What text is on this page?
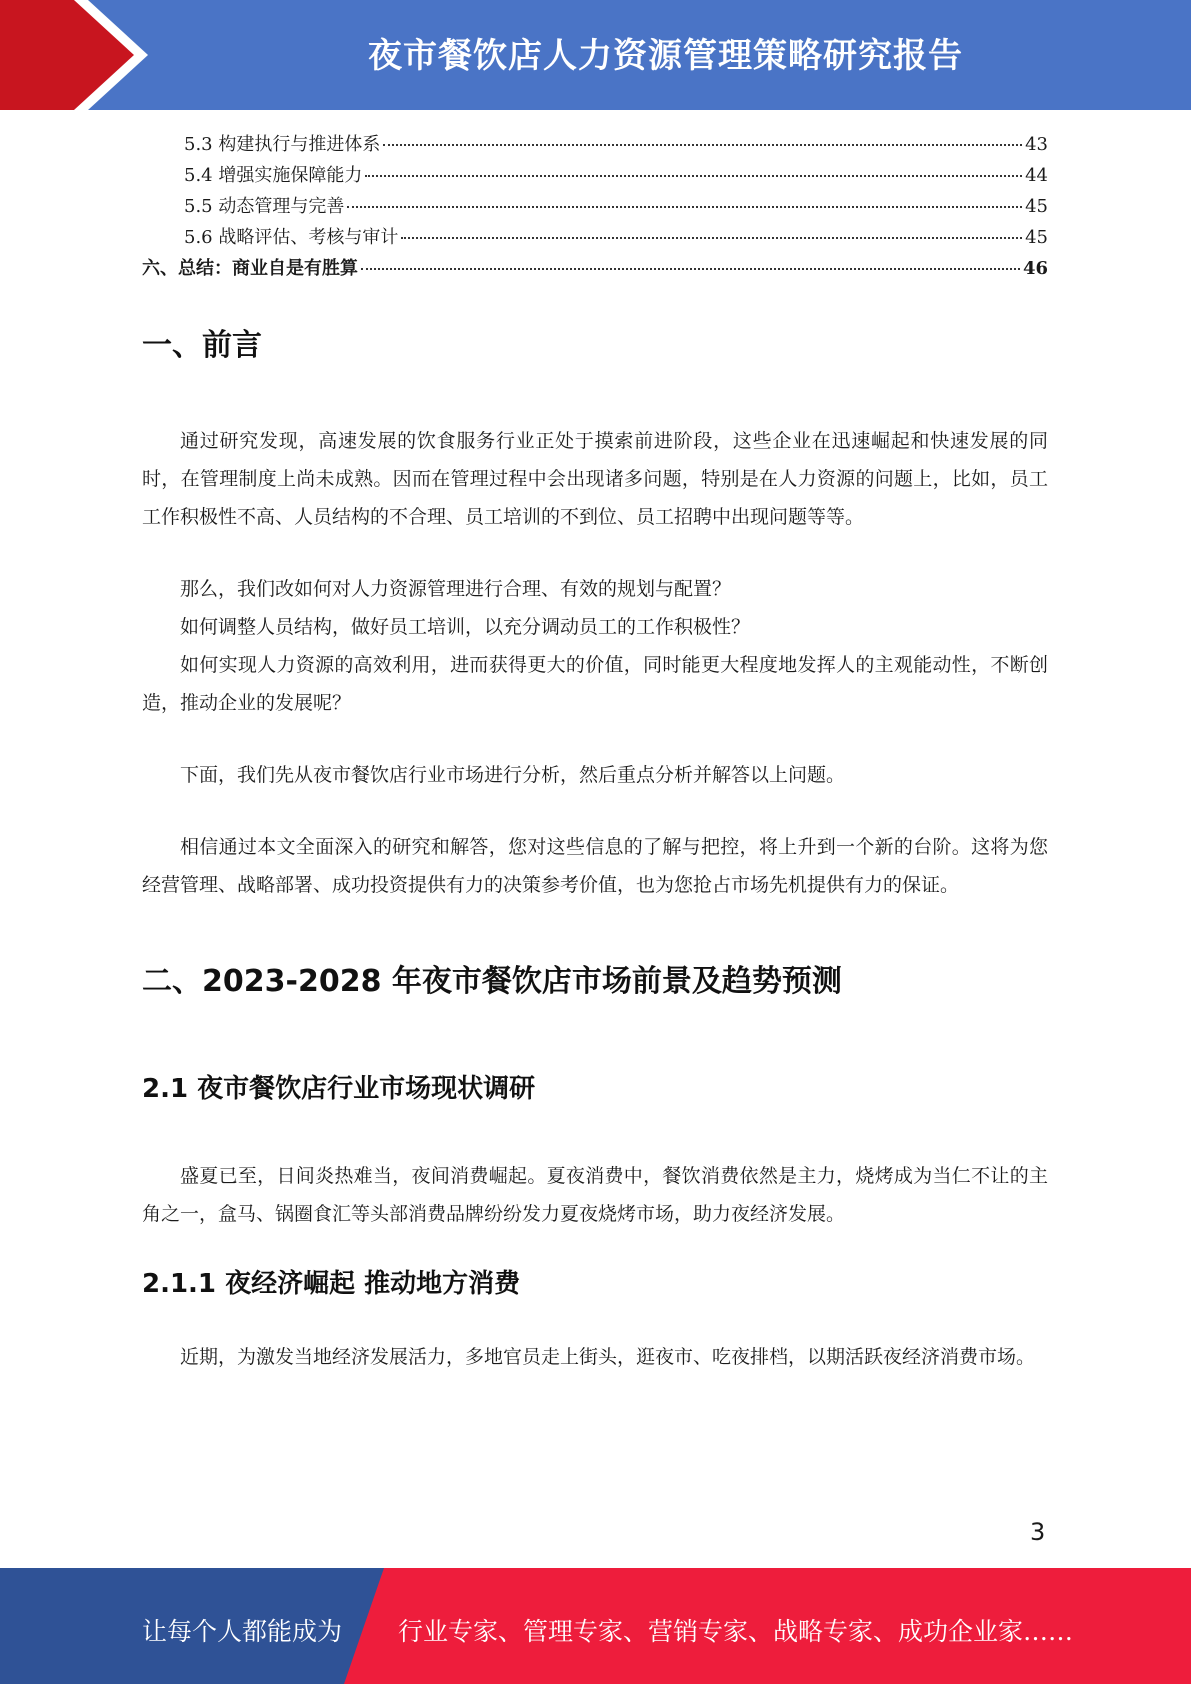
夜市餐饮店人力资源管理策略研究报告
5.3 构建执行与推进体系	43
5.4 增强实施保障能力	44
5.5 动态管理与完善	45
5.6 战略评估、考核与审计	45
六、总结：商业自是有胜算	46
一、前言

通过研究发现，高速发展的饮食服务行业正处于摸索前进阶段，这些企业在迅速崛起和快速发展的同时，在管理制度上尚未成熟。因而在管理过程中会出现诸多问题，特别是在人力资源的问题上，比如，员工工作积极性不高、人员结构的不合理、员工培训的不到位、员工招聘中出现问题等等。

那么，我们改如何对人力资源管理进行合理、有效的规划与配置？

如何调整人员结构，做好员工培训，以充分调动员工的工作积极性？

如何实现人力资源的高效利用，进而获得更大的价值，同时能更大程度地发挥人的主观能动性，不断创造，推动企业的发展呢？

下面，我们先从夜市餐饮店行业市场进行分析，然后重点分析并解答以上问题。

相信通过本文全面深入的研究和解答，您对这些信息的了解与把控，将上升到一个新的台阶。这将为您经营管理、战略部署、成功投资提供有力的决策参考价值，也为您抢占市场先机提供有力的保证。

二、2023-2028 年夜市餐饮店市场前景及趋势预测
2.1 夜市餐饮店行业市场现状调研

盛夏已至，日间炎热难当，夜间消费崛起。夏夜消费中，餐饮消费依然是主力，烧烤成为当仁不让的主角之一，盒马、锅圈食汇等头部消费品牌纷纷发力夏夜烧烤市场，助力夜经济发展。

2.1.1 夜经济崛起 推动地方消费

近期，为激发当地经济发展活力，多地官员走上街头，逛夜市、吃夜排档，以期活跃夜经济消费市场。

3
让每个人都能成为 行业专家、管理专家、营销专家、战略专家、成功企业家……
